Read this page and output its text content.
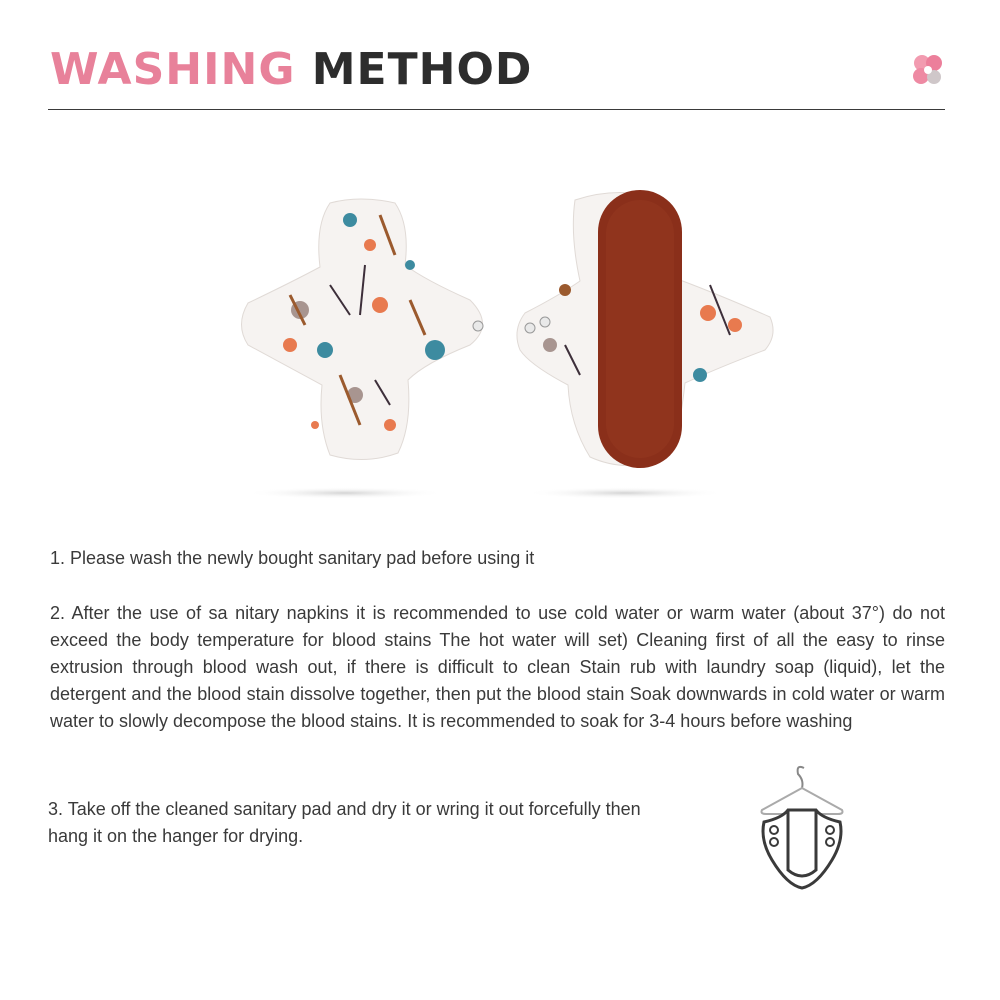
WASHING METHOD
1. Please wash the newly bought sanitary pad before using it
2. After the use of sa nitary napkins it is recommended to use cold water or warm water (about 37°) do not exceed the body temperature for blood stains The hot water will set) Cleaning first of all the easy to rinse extrusion through blood wash out, if there is difficult to clean Stain rub with laundry soap (liquid), let the detergent and the blood stain dissolve together, then put the blood stain Soak downwards in cold water or warm water to slowly decompose the blood stains. It is recommended to soak for 3-4 hours before washing
3. Take off the cleaned sanitary pad and dry it or wring it out forcefully then hang it on the hanger for drying.
